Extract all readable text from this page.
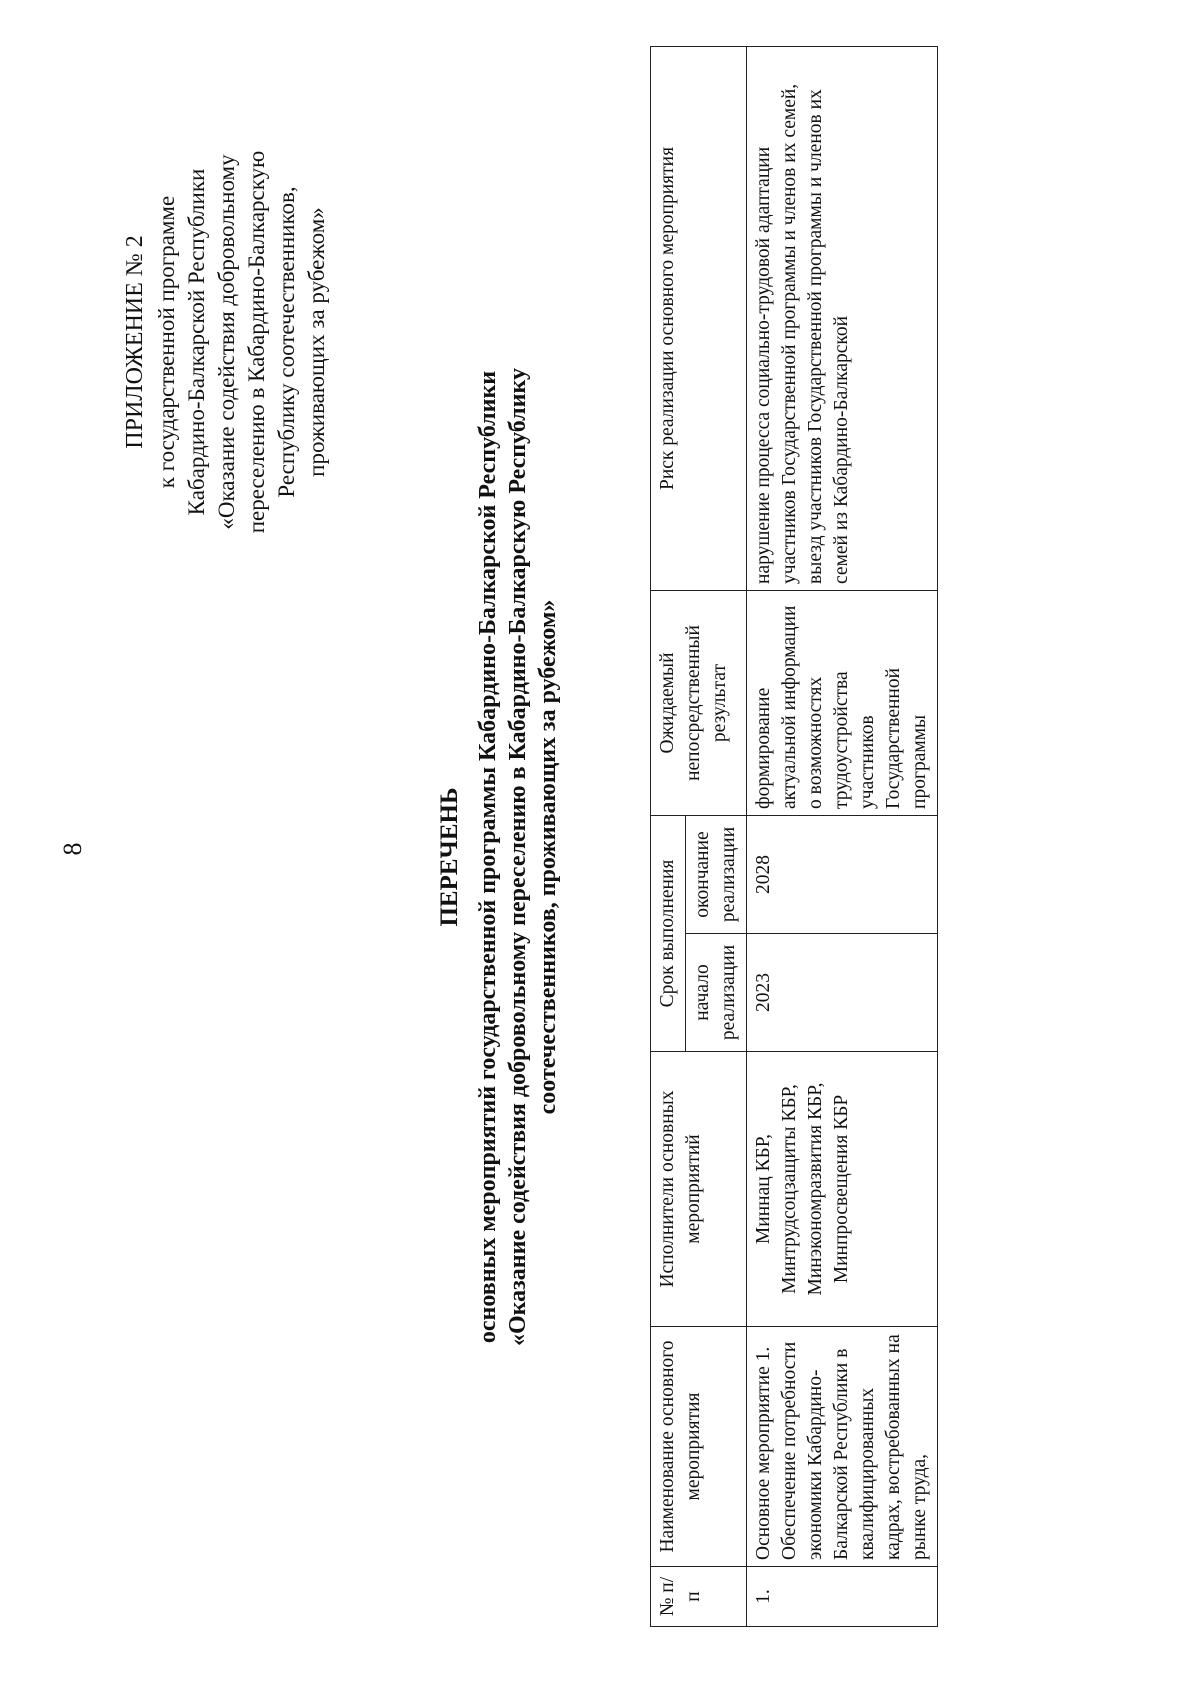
8
ПРИЛОЖЕНИЕ № 2 к государственной программе Кабардино-Балкарской Республики «Оказание содействия добровольному переселению в Кабардино-Балкарскую Республику соотечественников, проживающих за рубежом»
ПЕРЕЧЕНЬ основных мероприятий государственной программы Кабардино-Балкарской Республики «Оказание содействия добровольному переселению в Кабардино-Балкарскую Республику соотечественников, проживающих за рубежом»
№ п/п	Наименование основного мероприятия	Исполнители основных мероприятий	Срок выполнения		Ожидаемый непосредственный результат	Риск реализации основного мероприятия
			начало реализации	окончание реализации		
1.	Основное мероприятие 1. Обеспечение потребности экономики Кабардино-Балкарской Республики в квалифицированных кадрах, востребованных на рынке труда,	Миннац КБР, Минтрудсоцзащиты КБР, Минэкономразвития КБР, Минпросвещения КБР	2023	2028	формирование актуальной информации о возможностях трудоустройства участников Государственной программы	нарушение процесса социально-трудовой адаптации участников Государственной программы и членов их семей, выезд участников Государственной программы и членов их семей из Кабардино-Балкарской
